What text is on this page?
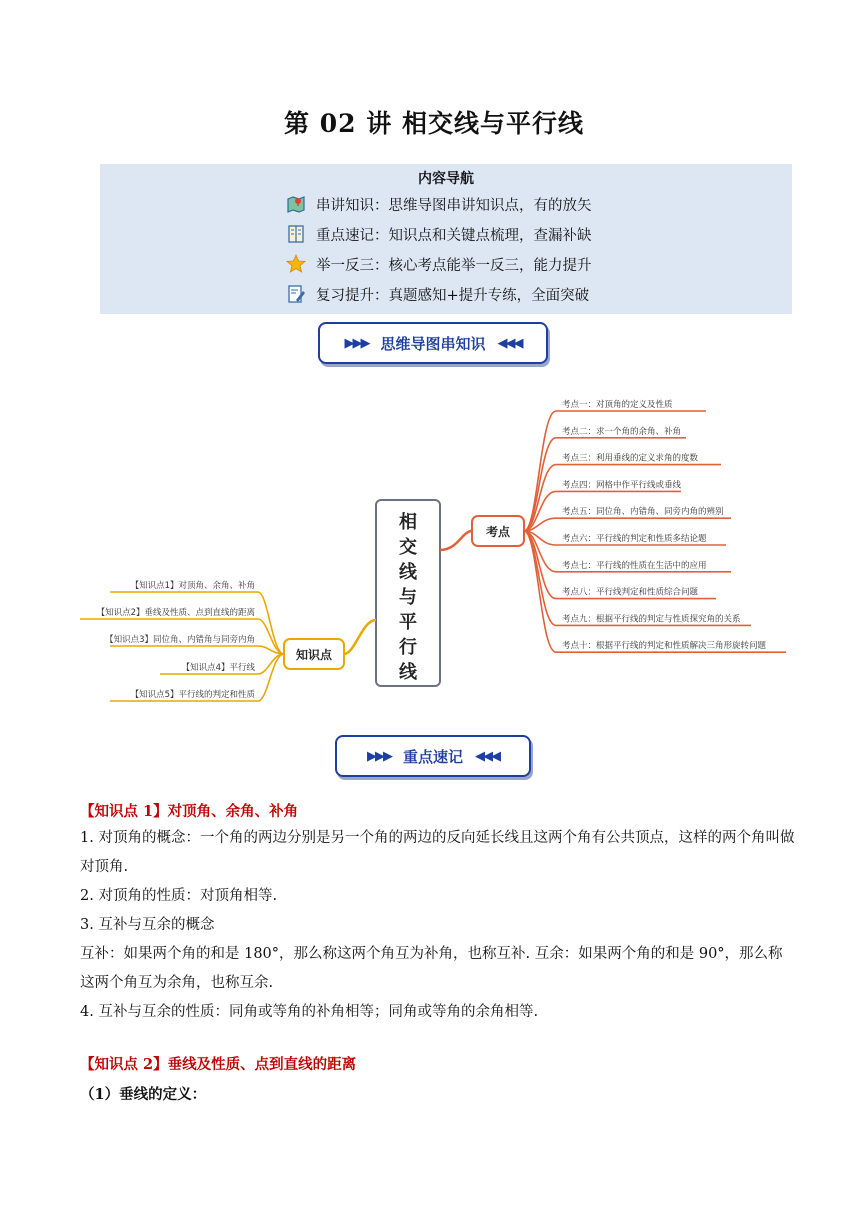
第 02 讲 相交线与平行线
内容导航
串讲知识：思维导图串讲知识点，有的放矢
重点速记：知识点和关键点梳理，查漏补缺
举一反三：核心考点能举一反三，能力提升
复习提升：真题感知+提升专练，全面突破
▶▶▶ 思维导图串知识 ◀◀◀
相
交
线
与
平
行
线
考点
考点一：对顶角的定义及性质
考点二：求一个角的余角、补角
考点三：利用垂线的定义求角的度数
考点四：网格中作平行线或垂线
考点五：同位角、内错角、同旁内角的辨别
考点六：平行线的判定和性质多结论题
考点七：平行线的性质在生活中的应用
考点八：平行线判定和性质综合问题
考点九：根据平行线的判定与性质探究角的关系
考点十：根据平行线的判定和性质解决三角形旋转问题
知识点
【知识点1】对顶角、余角、补角
【知识点2】垂线及性质、点到直线的距离
【知识点3】同位角、内错角与同旁内角
【知识点4】平行线
【知识点5】平行线的判定和性质
▶▶▶ 重点速记 ◀◀◀
【知识点 1】对顶角、余角、补角
1. 对顶角的概念：一个角的两边分别是另一个角的两边的反向延长线且这两个角有公共顶点，这样的两个角叫做对顶角.
2. 对顶角的性质：对顶角相等.
3. 互补与互余的概念
互补：如果两个角的和是 180°，那么称这两个角互为补角，也称互补. 互余：如果两个角的和是 90°，那么称这两个角互为余角，也称互余.
4. 互补与互余的性质：同角或等角的补角相等；同角或等角的余角相等.
【知识点 2】垂线及性质、点到直线的距离
（1）垂线的定义：
